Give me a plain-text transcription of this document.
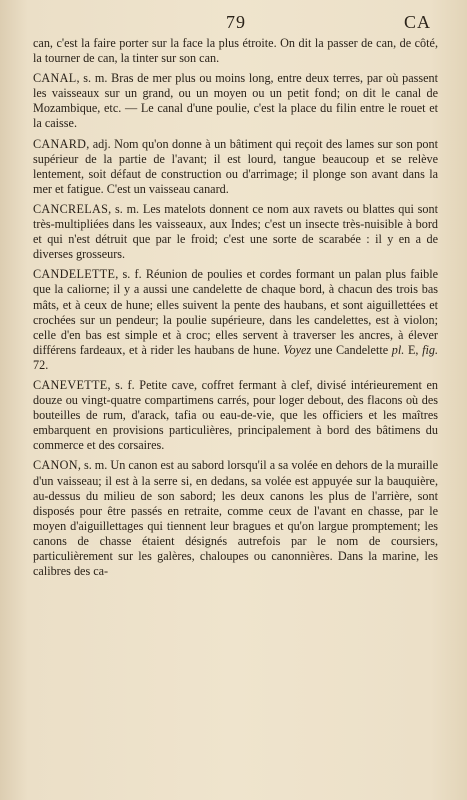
79	CA

can, c'est la faire porter sur la face la plus étroite. On dit la passer de can, de côté, la tourner de can, la tinter sur son can.

CANAL, s. m. Bras de mer plus ou moins long, entre deux terres, par où passent les vaisseaux sur un grand, ou un moyen ou un petit fond; on dit le canal de Mozambique, etc. — Le canal d'une poulie, c'est la place du filin entre le rouet et la caisse.

CANARD, adj. Nom qu'on donne à un bâtiment qui reçoit des lames sur son pont supérieur de la partie de l'avant; il est lourd, tangue beaucoup et se relève lentement, soit défaut de construction ou d'arrimage; il plonge son avant dans la mer et fatigue. C'est un vaisseau canard.

CANCRELAS, s. m. Les matelots donnent ce nom aux ravets ou blattes qui sont très-multipliées dans les vaisseaux, aux Indes; c'est un insecte très-nuisible à bord et qui n'est détruit que par le froid; c'est une sorte de scarabée : il y en a de diverses grosseurs.

CANDELETTE, s. f. Réunion de poulies et cordes formant un palan plus faible que la caliorne; il y a aussi une candelette de chaque bord, à chacun des trois bas mâts, et à ceux de hune; elles suivent la pente des haubans, et sont aiguillettées et crochées sur un pendeur; la poulie supérieure, dans les candelettes, est à violon; celle d'en bas est simple et à croc; elles servent à traverser les ancres, à élever différens fardeaux, et à rider les haubans de hune. Voyez une Candelette pl. E, fig. 72.

CANEVETTE, s. f. Petite cave, coffret fermant à clef, divisé intérieurement en douze ou vingt-quatre compartimens carrés, pour loger debout, des flacons où des bouteilles de rum, d'arack, tafia ou eau-de-vie, que les officiers et les maîtres embarquent en provisions particulières, principalement à bord des bâtimens du commerce et des corsaires.

CANON, s. m. Un canon est au sabord lorsqu'il a sa volée en dehors de la muraille d'un vaisseau; il est à la serre si, en dedans, sa volée est appuyée sur la bauquière, au-dessus du milieu de son sabord; les deux canons les plus de l'arrière, sont disposés pour être passés en retraite, comme ceux de l'avant en chasse, par le moyen d'aiguillettages qui tiennent leur bragues et qu'on largue promptement; les canons de chasse étaient désignés autrefois par le nom de coursiers, particulièrement sur les galères, chaloupes ou canonnières. Dans la marine, les calibres des ca-
